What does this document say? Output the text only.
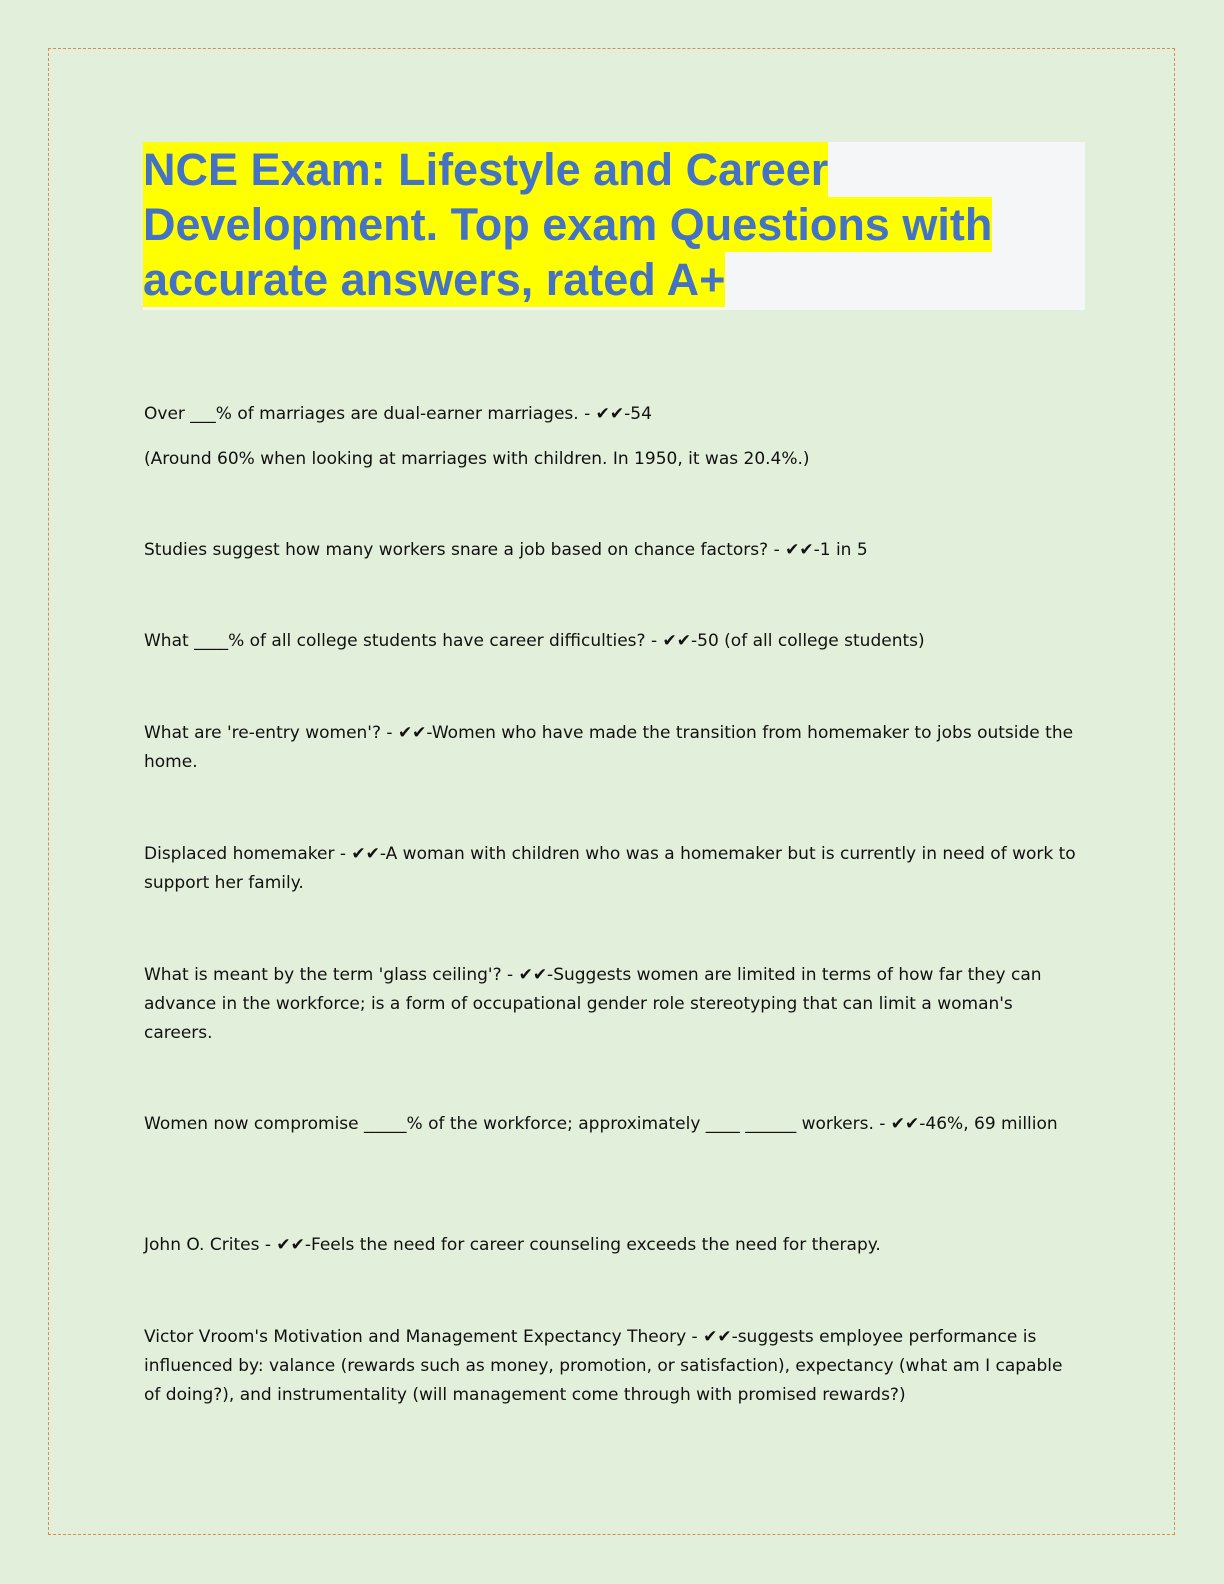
NCE Exam: Lifestyle and Career
Development. Top exam Questions with
accurate answers, rated A+

Over ___% of marriages are dual-earner marriages. - ✔✔-54

(Around 60% when looking at marriages with children. In 1950, it was 20.4%.)

Studies suggest how many workers snare a job based on chance factors? - ✔✔-1 in 5

What ____% of all college students have career difficulties? - ✔✔-50 (of all college students)

What are 're-entry women'? - ✔✔-Women who have made the transition from homemaker to jobs outside the home.

Displaced homemaker - ✔✔-A woman with children who was a homemaker but is currently in need of work to support her family.

What is meant by the term 'glass ceiling'? - ✔✔-Suggests women are limited in terms of how far they can advance in the workforce; is a form of occupational gender role stereotyping that can limit a woman's careers.

Women now compromise _____% of the workforce; approximately ____ ______ workers. - ✔✔-46%, 69 million

John O. Crites - ✔✔-Feels the need for career counseling exceeds the need for therapy.

Victor Vroom's Motivation and Management Expectancy Theory - ✔✔-suggests employee performance is influenced by: valance (rewards such as money, promotion, or satisfaction), expectancy (what am I capable of doing?), and instrumentality (will management come through with promised rewards?)
